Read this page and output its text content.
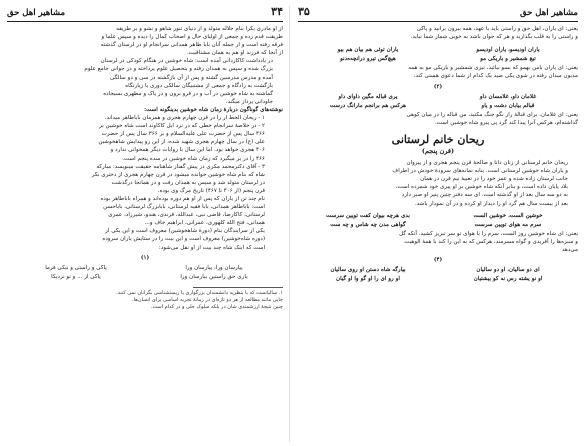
۳۴
مشاهیر اهل حق

از او مادری بکرا بنام جلاله متولد و از دنیای تنور شاهو و نشو و بر طریقه

طریقت قدم زده و جمعی از اولیای حال و اصحاب کمال را دیده و سپس علما و

فرقه رفته است و از جمله آنان بابا طاهر همدانی سرانجام او در لرستان گذشته

از آنجا که فرزند او هم به همان مشتاقیت.

در یادداشت کاکاردانی آمده است: شاه خوشین در هنگام کودکی در لرستان

بزرگ شده و سپس به همدان رفته و بتحصیل علوم پرداخته و در جوانی جامع علوم

آمده و مدرس مدرسین گشته و پس از آن بازگشته در سی و دو سالگی

بازگشت به زادگاه و جمعی از مشتبیگان سالکی دوری یا زیارتگاه

گماشته به شاه خوشین در آب و در فرو برون و در پاک و مطهری بسیجاده

جاودانی پرداز میگند.

نوشته‌های گوناگون دربارهٔ زمان شاه خوشین بدینگونه است:

۱ - ریحان الخط ار را در قرن چهارم هجری و همزمان باباطاهر میداند.

۲ - در خلاصهٔ سرانجام خطی که در نزد ایل کاکاوند است شاه خوشین بر

۳۶۶ سال پس از حضرت علی علیه‌السلام و بر ۳۶۶ سال پس از حضرت

علی (ع) در سال چهارم هجری شهید شده، از این رو پیدایش شاهخوشین

۴۰۶ هجری خواهد بود. اما این سال با روایات دیگر همخوانی ندارد و

۴۶۶ را در بر میگیرد که زمان شاه خوشین در سده پنجم است.

۳ - آقای دکترمحمد مکری در پیش گفتار شاهنامه حقیقت مینویسد: مبارکه

شاه که بنام شاه خوشین خوانده میشود در قرن چهارم هجری از دختری بکر

در لرستان متولد شد و سپس به همدان رفت و در همانجا درگذشت

قرن پنجم (از ۴۰۶ تا ۴۶۷) تاریخ مرگ وی بوده.

نام چند تن از یاران که پس از او هم دوره بوده‌اند و همراه باباطاهر بوده

است: باباطاهر همدانی، بابا فقیه لرستانی، بابابزرگ لرستانی، باباحسن

لرستانی، کاکارضا، قاضی نبی، عبدالله، قرندی، هندو، شیرزاد، عمری

همدانی، فتح الله کلهوری، عمرانی، ابراهیم جاف و...

یکی از سرایندگان بنام (دورهٔ شاهخوشین) معروف است و این یکی از

(دوره شاه‌خوشین) معروف است و این بیت را در ستایش یاران سروده

است که اینک شاه چند بیت از او نقل می‌شود:

(۱)
پیارسان ورا، پیارسان ورا
پاکی و راستی و نیکی فرما
یاری حق راستین بیارسان ورا
پاکی از ... و تو نزدیکا

۱. سالیانست که با بنظریه دانشمندان بزرگواری یا زیستشناسی بگرانان نمی کنند.

جایی مانند مطالعه از هر دو تازه‌ای در زمانهٔ تجربه اساسی برای انسان‌ها.

چنین نتیجهٔ ارزشمندی شان در بلکه سلوک جلی و در کدام است.

مشاهیر اهل حق
۳۵

یعنی: ای یاران، اهل حق و راستی باید با عهد، همه بیرون برانید و پاکی

و راستی را به قلب بگذارید و هر که جوان باشد به خوبی شمار شما نیاید.

یاران اودیسو، یاران اودیسو
یاران توئی هم بیان هم بیو
تیغ شمشیر و باریکی مو
هیچ‌گس تیرو درانچه‌ه‌دنو

یعنی: ای یاران بامن بهمو که بسو بیائید، تیزی شمشیر و باریکی مو به همه

مدیون میدان رفته در شوی یکی صید یک کدام از شما دعوی هستی کند.

(۲)
غلامان داو، غلامسان داو
پری قباله مگین داوای داو
قبالم بیابان دشت و یاو
هرکس هم برانجم مارانگ درست

یعنی: ای غلامان، برای قبالهٔ راز نگو جنگ مکنید، من قباله را در میان کوهی

گذاشته‌ام، هرکس آنرا پیدا کند گرد پی پیرو شاه خوشین است.

ریحان خانم لرستانی
(قرن پنجم)

ریحان خانم لرستانی از زنان دانا و صالحهٔ قرن پنجم هجری و از پیروان

و یاران شاه خوشین لرستانی است. بنابه‌ نمانه‌های سرودهٔ خودش در اطراف

جانب لرستان زاده شده و عمر خود را در تعبیهٔ نیم قرن در همان

بلاد پایان داده است، و بنابر آنکه شاه خوشین بر او پیری خود شمرده است،

به دو سه سال بعد از او گذشته است. ای سه دفتر چنین‌ پنیر او صبر دارد

بعد از بیست سال هم گرد او را دیدار او کرده و در آن نمودار باشد.

خوشین الست، خوشین الست
بدی هرچه بیوان کفت تویین سرست
سرم مه هوای تویین سرست
گواهی مدن چه شاس و چه ست

یعنی: ای شاه خوشین روز الست، سرم را با هوای تو سر تبریز کشید. آنکه گل

و سبزه‌ها را آفریدی و گواه مسرمند، هرکس که به این را کند با همهٔ الوهیت

می‌دهد

(۴)
ای دو سالیان، او دو سالیان
بیارگه شاه دستن او روی سالیان
او نو یشته رس نه کو بیشتیان
او رو ای را او گو وا او گیان
